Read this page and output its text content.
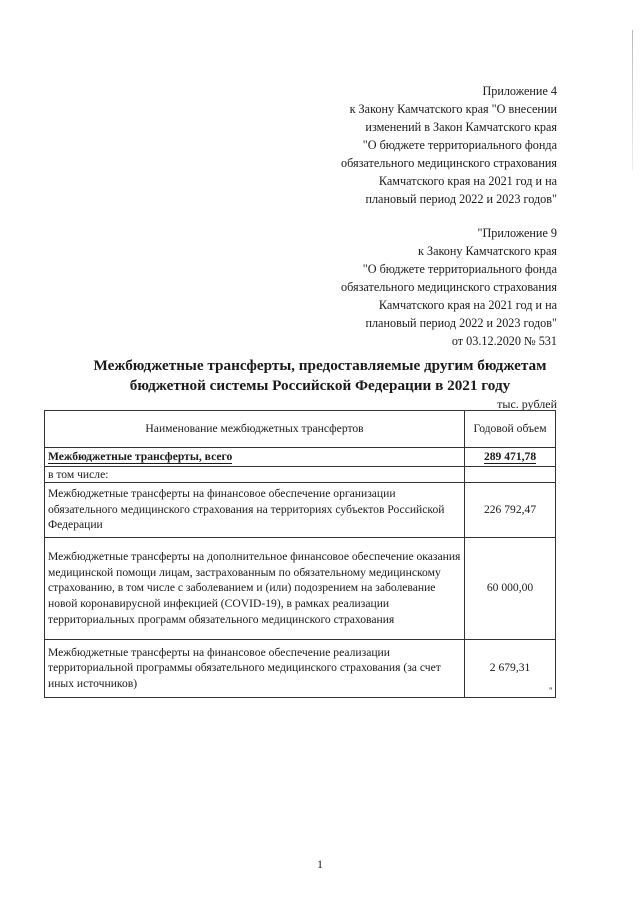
Приложение 4
к Закону Камчатского края "О внесении
изменений в Закон Камчатского края
"О бюджете территориального фонда
обязательного медицинского страхования
Камчатского края на 2021 год и на
плановый период 2022 и 2023 годов"
"Приложение 9
к Закону Камчатского края
"О бюджете территориального фонда
обязательного медицинского страхования
Камчатского края на 2021 год и на
плановый период 2022 и 2023 годов"
от 03.12.2020 № 531
Межбюджетные трансферты, предоставляемые другим бюджетам
бюджетной системы Российской Федерации в 2021 году
тыс. рублей
Наименование межбюджетных трансфертов	Годовой объем
Межбюджетные трансферты, всего	289 471,78
в том числе:	
Межбюджетные трансферты на финансовое обеспечение организации обязательного медицинского страхования на территориях субъектов Российской Федерации	226 792,47
Межбюджетные трансферты на дополнительное финансовое обеспечение оказания медицинской помощи лицам, застрахованным по обязательному медицинскому страхованию, в том числе с заболеванием и (или) подозрением на заболевание новой коронавирусной инфекцией (COVID-19), в рамках реализации территориальных программ обязательного медицинского страхования	60 000,00
Межбюджетные трансферты на финансовое обеспечение реализации территориальной программы обязательного медицинского страхования (за счет иных источников)	2 679,31
"
1
